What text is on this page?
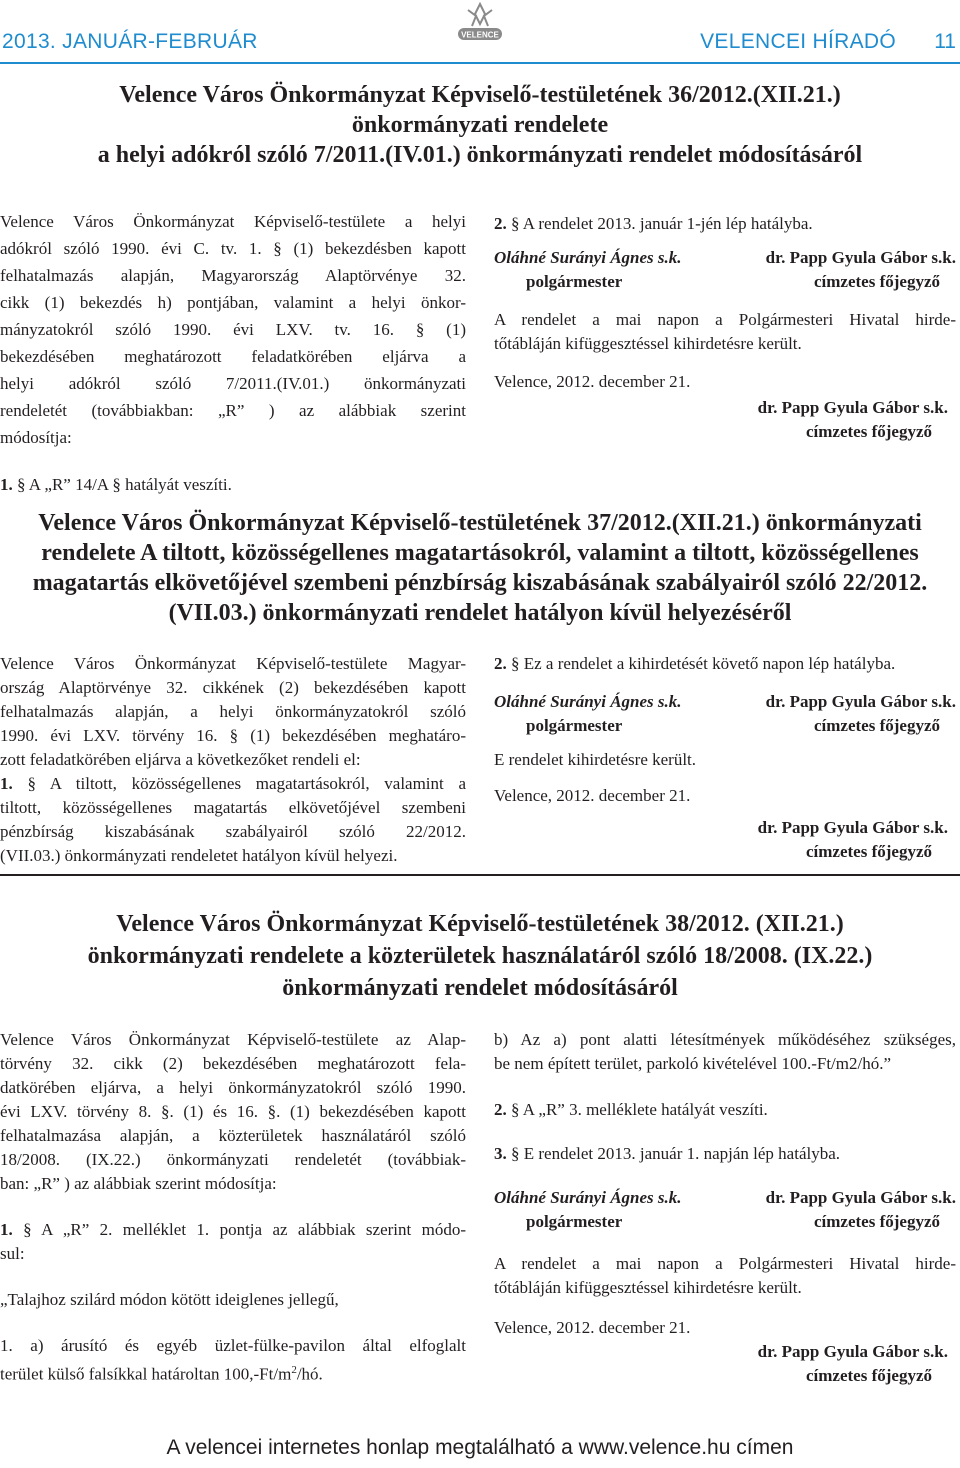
2013. JANUÁR-FEBRUÁR	VELENCE	VELENCEI HÍRADÓ 11
Velence Város Önkormányzat Képviselő-testületének 36/2012.(XII.21.)
önkormányzati rendelete
a helyi adókról szóló 7/2011.(IV.01.) önkormányzati rendelet módosításáról
Velence Város Önkormányzat Képviselő-testülete a helyi
adókról szóló 1990. évi C. tv. 1. § (1) bekezdésben kapott
felhatalmazás alapján, Magyarország Alaptörvénye 32.
cikk (1) bekezdés h) pontjában, valamint a helyi önkor-
mányzatokról szóló 1990. évi LXV. tv. 16. § (1)
bekezdésében meghatározott feladatkörében eljárva a
helyi adókról szóló 7/2011.(IV.01.) önkormányzati
rendeletét (továbbiakban: „R” ) az alábbiak szerint
módosítja:

1. § A „R” 14/A § hatályát veszíti.

2. § A rendelet 2013. január 1-jén lép hatályba.

Oláhné Surányi Ágnes s.k.
polgármester
dr. Papp Gyula Gábor s.k.
címzetes főjegyző
A rendelet a mai napon a Polgármesteri Hivatal hirde-
tőtábláján kifüggesztéssel kihirdetésre került.

Velence, 2012. december 21.

dr. Papp Gyula Gábor s.k.
címzetes főjegyző
Velence Város Önkormányzat Képviselő-testületének 37/2012.(XII.21.) önkormányzati
rendelete A tiltott, közösségellenes magatartásokról, valamint a tiltott, közösségellenes
magatartás elkövetőjével szembeni pénzbírság kiszabásának szabályairól szóló 22/2012.
(VII.03.) önkormányzati rendelet hatályon kívül helyezéséről
Velence Város Önkormányzat Képviselő-testülete Magyar-
ország Alaptörvénye 32. cikkének (2) bekezdésében kapott
felhatalmazás alapján, a helyi önkormányzatokról szóló
1990. évi LXV. törvény 16. § (1) bekezdésében meghatáro-
zott feladatkörében eljárva a következőket rendeli el:
1. § A tiltott, közösségellenes magatartásokról, valamint a
tiltott, közösségellenes magatartás elkövetőjével szembeni
pénzbírság kiszabásának szabályairól szóló 22/2012.
(VII.03.) önkormányzati rendeletet hatályon kívül helyezi.

2. § Ez a rendelet a kihirdetését követő napon lép hatályba.

Oláhné Surányi Ágnes s.k.
polgármester
dr. Papp Gyula Gábor s.k.
címzetes főjegyző

E rendelet kihirdetésre került.

Velence, 2012. december 21.

dr. Papp Gyula Gábor s.k.
címzetes főjegyző
Velence Város Önkormányzat Képviselő-testületének 38/2012. (XII.21.)
önkormányzati rendelete a közterületek használatáról szóló 18/2008. (IX.22.)
önkormányzati rendelet módosításáról
Velence Város Önkormányzat Képviselő-testülete az Alap-
törvény 32. cikk (2) bekezdésében meghatározott fela-
datkörében eljárva, a helyi önkormányzatokról szóló 1990.
évi LXV. törvény 8. §. (1) és 16. §. (1) bekezdésében kapott
felhatalmazása alapján, a közterületek használatáról szóló
18/2008. (IX.22.) önkormányzati rendeletét (továbbiak-
ban: „R” ) az alábbiak szerint módosítja:
1. § A „R” 2. melléklet 1. pontja az alábbiak szerint módo-
sul:

„Talajhoz szilárd módon kötött ideiglenes jellegű,

1. a) árusító és egyéb üzlet-fülke-pavilon által elfoglalt
terület külső falsíkkal határoltan $100,-Ft/m^2/hó$.
b) Az a) pont alatti létesítmények működéséhez szükséges,
be nem épített terület, parkoló kivételével 100.-Ft/m2/hó.”

2. § A „R” 3. melléklete hatályát veszíti.

3. § E rendelet 2013. január 1. napján lép hatályba.

Oláhné Surányi Ágnes s.k.
polgármester
dr. Papp Gyula Gábor s.k.
címzetes főjegyző
A rendelet a mai napon a Polgármesteri Hivatal hirde-
tőtábláján kifüggesztéssel kihirdetésre került.

Velence, 2012. december 21.

dr. Papp Gyula Gábor s.k.
címzetes főjegyző
A velencei internetes honlap megtalálható a www.velence.hu címen
